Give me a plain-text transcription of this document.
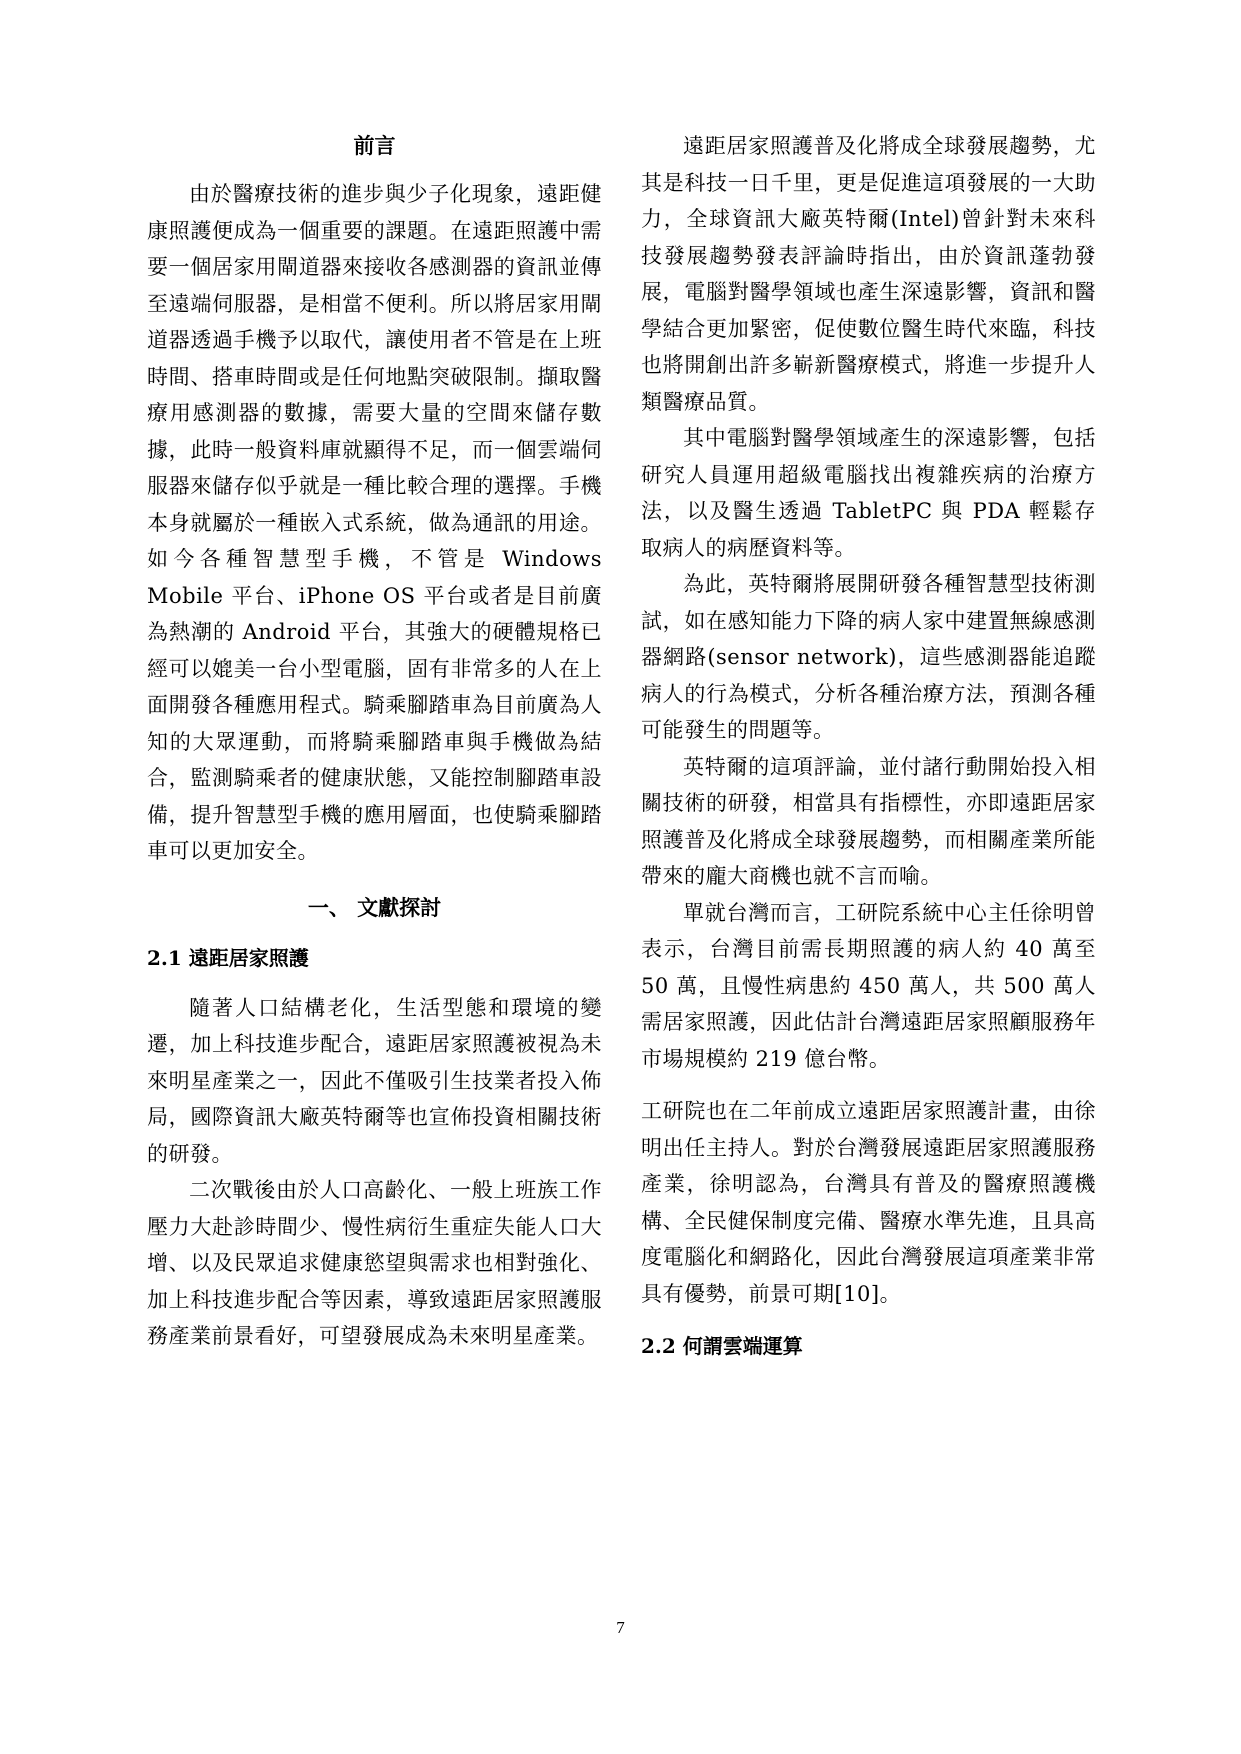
前言

由於醫療技術的進步與少子化現象，遠距健康照護便成為一個重要的課題。在遠距照護中需要一個居家用閘道器來接收各感測器的資訊並傳至遠端伺服器，是相當不便利。所以將居家用閘道器透過手機予以取代，讓使用者不管是在上班時間、搭車時間或是任何地點突破限制。擷取醫療用感測器的數據，需要大量的空間來儲存數據，此時一般資料庫就顯得不足，而一個雲端伺服器來儲存似乎就是一種比較合理的選擇。手機本身就屬於一種嵌入式系統，做為通訊的用途。如今各種智慧型手機，不管是 Windows Mobile 平台、iPhone OS 平台或者是目前廣為熱潮的 Android 平台，其強大的硬體規格已經可以媲美一台小型電腦，固有非常多的人在上面開發各種應用程式。騎乘腳踏車為目前廣為人知的大眾運動，而將騎乘腳踏車與手機做為結合，監測騎乘者的健康狀態，又能控制腳踏車設備，提升智慧型手機的應用層面，也使騎乘腳踏車可以更加安全。

一、 文獻探討

2.1 遠距居家照護

隨著人口結構老化，生活型態和環境的變遷，加上科技進步配合，遠距居家照護被視為未來明星產業之一，因此不僅吸引生技業者投入佈局，國際資訊大廠英特爾等也宣佈投資相關技術的研發。

二次戰後由於人口高齡化、一般上班族工作壓力大赴診時間少、慢性病衍生重症失能人口大增、以及民眾追求健康慾望與需求也相對強化、加上科技進步配合等因素，導致遠距居家照護服務產業前景看好，可望發展成為未來明星產業。

遠距居家照護普及化將成全球發展趨勢，尤其是科技一日千里，更是促進這項發展的一大助力，全球資訊大廠英特爾(Intel)曾針對未來科技發展趨勢發表評論時指出，由於資訊蓬勃發展，電腦對醫學領域也產生深遠影響，資訊和醫學結合更加緊密，促使數位醫生時代來臨，科技也將開創出許多嶄新醫療模式，將進一步提升人類醫療品質。

其中電腦對醫學領域產生的深遠影響，包括研究人員運用超級電腦找出複雜疾病的治療方法，以及醫生透過 TabletPC 與 PDA 輕鬆存取病人的病歷資料等。

為此，英特爾將展開研發各種智慧型技術測試，如在感知能力下降的病人家中建置無線感測器網路(sensor network)，這些感測器能追蹤病人的行為模式，分析各種治療方法，預測各種可能發生的問題等。

英特爾的這項評論，並付諸行動開始投入相關技術的研發，相當具有指標性，亦即遠距居家照護普及化將成全球發展趨勢，而相關產業所能帶來的龐大商機也就不言而喻。

單就台灣而言，工研院系統中心主任徐明曾表示，台灣目前需長期照護的病人約 40 萬至 50 萬，且慢性病患約 450 萬人，共 500 萬人需居家照護，因此估計台灣遠距居家照顧服務年市場規模約 219 億台幣。

工研院也在二年前成立遠距居家照護計畫，由徐明出任主持人。對於台灣發展遠距居家照護服務產業，徐明認為，台灣具有普及的醫療照護機構、全民健保制度完備、醫療水準先進，且具高度電腦化和網路化，因此台灣發展這項產業非常具有優勢，前景可期[10]。

2.2 何謂雲端運算

7
